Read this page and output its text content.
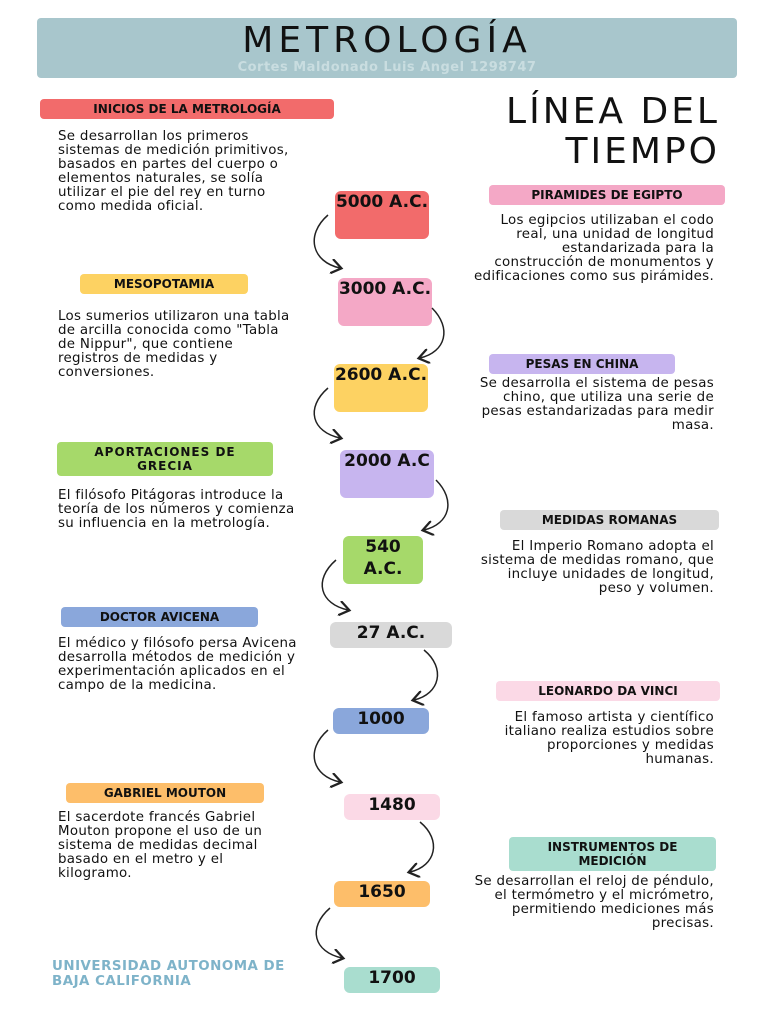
METROLOGÍA
Cortes Maldonado Luis Angel 1298747
LÍNEA DEL TIEMPO
INICIOS DE LA METROLOGÍA
Se desarrollan los primeros sistemas de medición primitivos, basados en partes del cuerpo o elementos naturales, se solía utilizar el pie del rey en turno como medida oficial.
PIRAMIDES DE EGIPTO
Los egipcios utilizaban el codo real, una unidad de longitud estandarizada para la construcción de monumentos y edificaciones como sus pirámides.
MESOPOTAMIA
Los sumerios utilizaron una tabla de arcilla conocida como "Tabla de Nippur", que contiene registros de medidas y conversiones.
PESAS EN CHINA
Se desarrolla el sistema de pesas chino, que utiliza una serie de pesas estandarizadas para medir masa.
APORTACIONES DE GRECIA
El filósofo Pitágoras introduce la teoría de los números y comienza su influencia en la metrología.	MEDIDAS ROMANAS
El Imperio Romano adopta el sistema de medidas romano, que incluye unidades de longitud, peso y volumen.
DOCTOR AVICENA
El médico y filósofo persa Avicena desarrolla métodos de medición y experimentación aplicados en el campo de la medicina.	LEONARDO DA VINCI
El famoso artista y científico italiano realiza estudios sobre proporciones y medidas humanas.
GABRIEL MOUTON
El sacerdote francés Gabriel Mouton propone el uso de un sistema de medidas decimal basado en el metro y el kilogramo.
INSTRUMENTOS DE MEDICIÓN
Se desarrollan el reloj de péndulo, el termómetro y el micrómetro, permitiendo mediciones más precisas.
5000 A.C.
3000 A.C.
2600 A.C.
2000 A.C
540 A.C.
27 A.C.
1000
1480
1650
1700
UNIVERSIDAD AUTONOMA DE BAJA CALIFORNIA
